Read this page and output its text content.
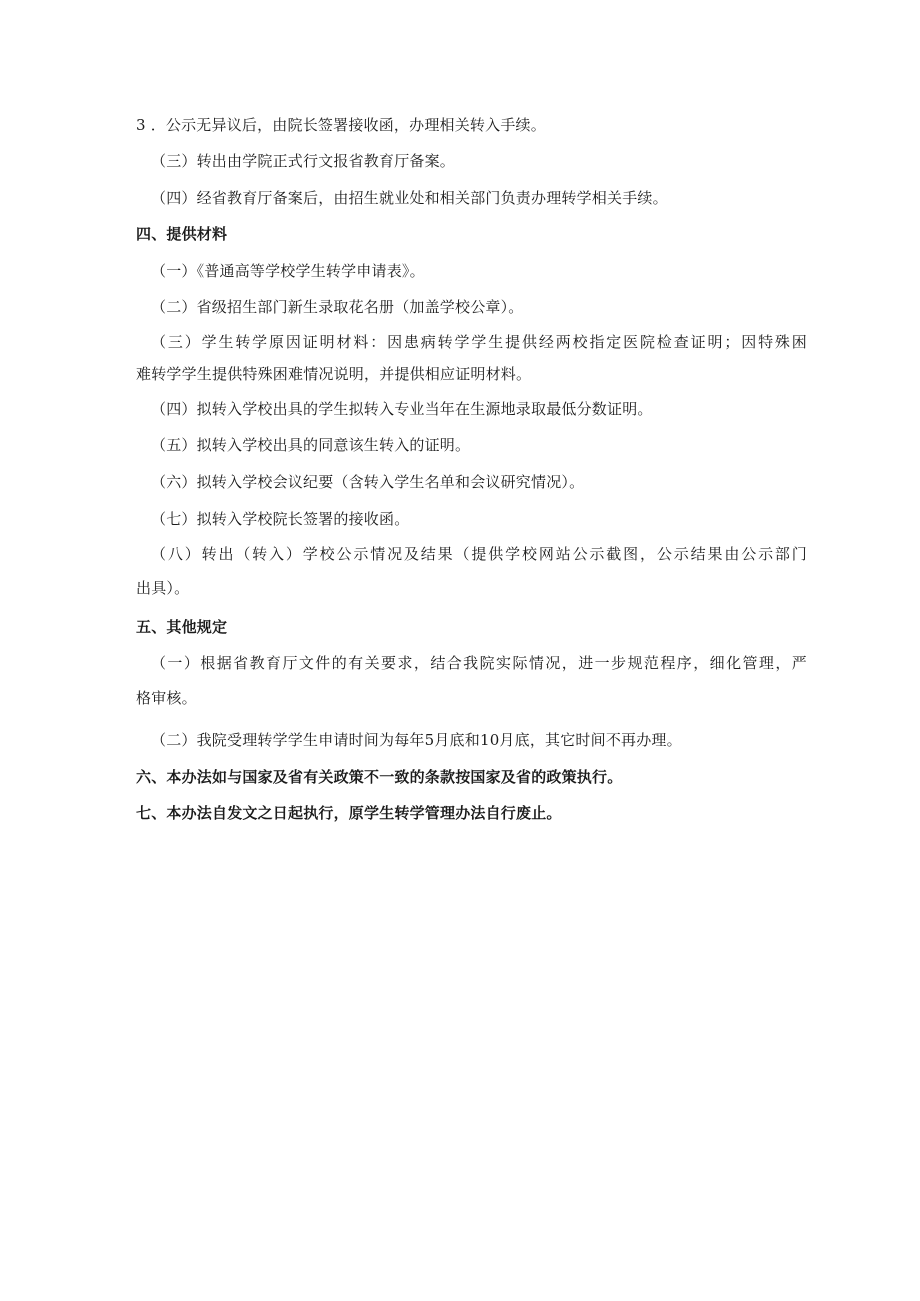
3 ．公示无异议后，由院长签署接收函，办理相关转入手续。
（三）转出由学院正式行文报省教育厅备案。
（四）经省教育厅备案后，由招生就业处和相关部门负责办理转学相关手续。
四、提供材料
（一）《普通高等学校学生转学申请表》。
（二）省级招生部门新生录取花名册（加盖学校公章）。
（三）学生转学原因证明材料：因患病转学学生提供经两校指定医院检查证明；因特殊困
难转学学生提供特殊困难情况说明，并提供相应证明材料。
（四）拟转入学校出具的学生拟转入专业当年在生源地录取最低分数证明。
（五）拟转入学校出具的同意该生转入的证明。
（六）拟转入学校会议纪要（含转入学生名单和会议研究情况）。
（七）拟转入学校院长签署的接收函。
（八）转出（转入）学校公示情况及结果（提供学校网站公示截图，公示结果由公示部门
出具）。
五、其他规定
（一）根据省教育厅文件的有关要求，结合我院实际情况，进一步规范程序，细化管理，严
格审核。
（二）我院受理转学学生申请时间为每年5月底和10月底，其它时间不再办理。
六、本办法如与国家及省有关政策不一致的条款按国家及省的政策执行。
七、本办法自发文之日起执行，原学生转学管理办法自行废止。
